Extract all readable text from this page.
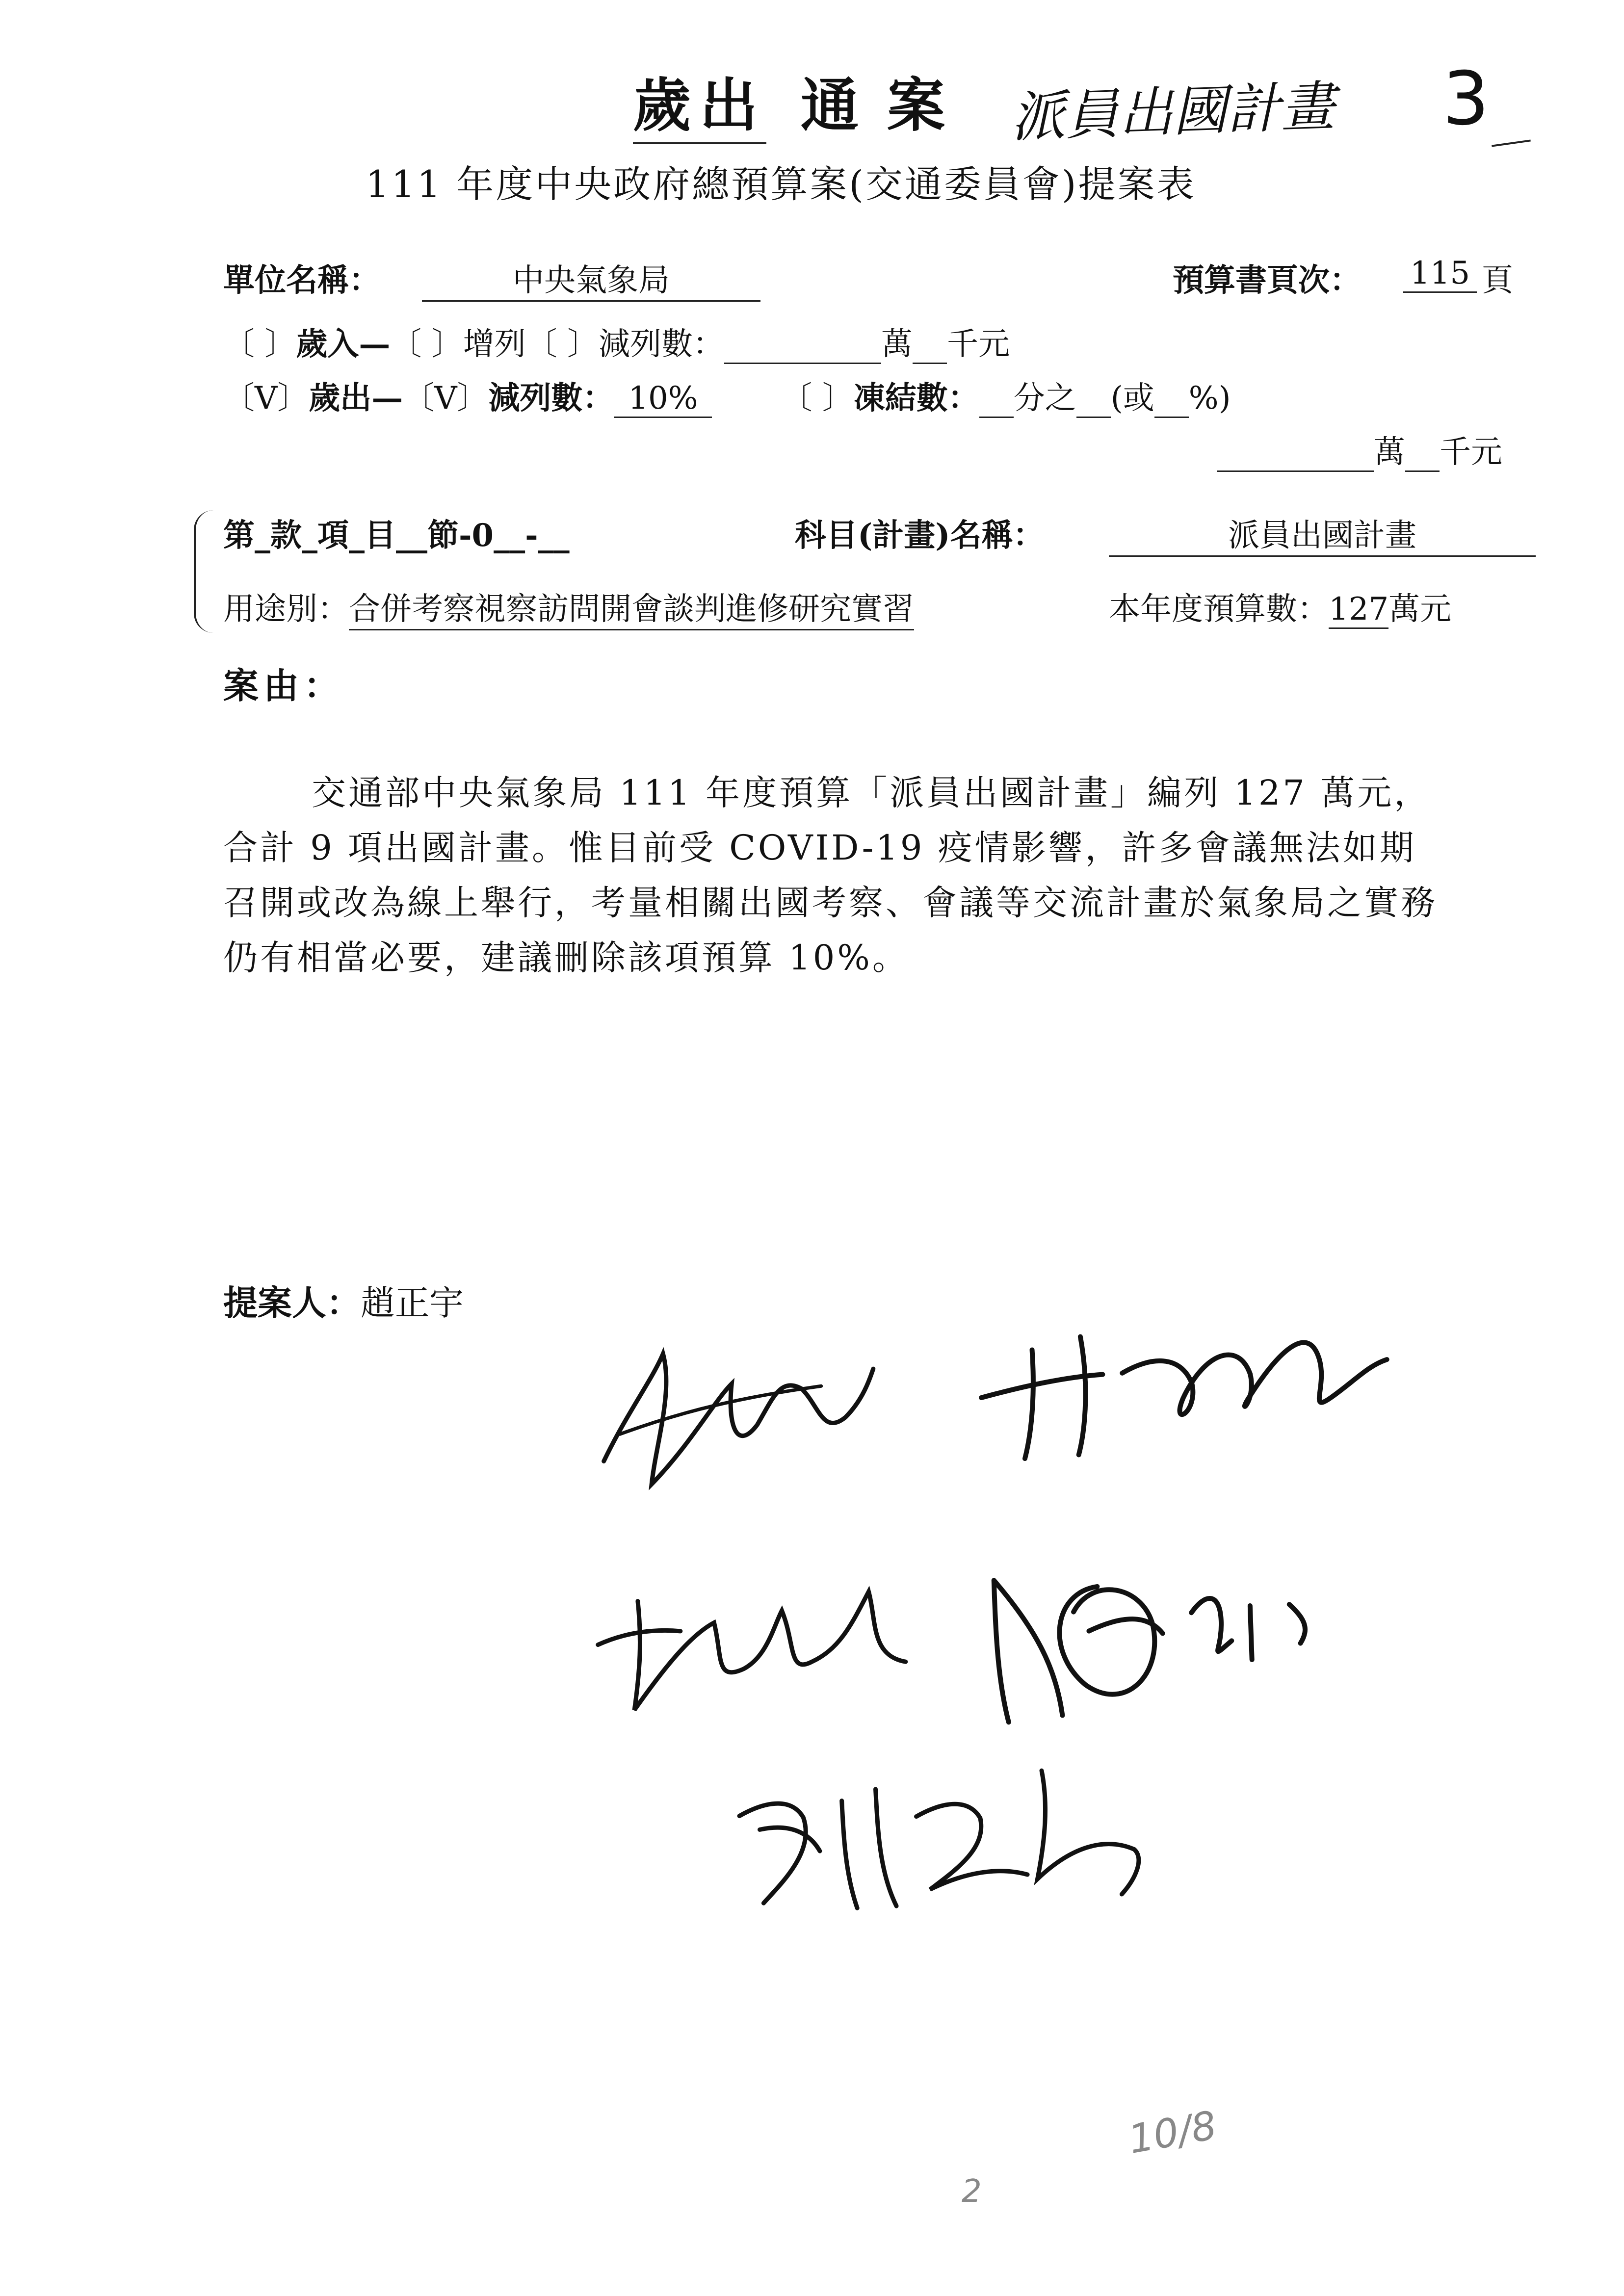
歲出 通 案 派員出國計畫 3
111 年度中央政府總預算案(交通委員會)提案表
單位名稱：	中央氣象局	預算書頁次： 115 頁
〔 〕歲入—〔 〕增列〔 〕減列數：	萬 千元
〔V〕歲出—〔V〕減列數： 10%	〔 〕凍結數： 分之 (或 %)
萬 千元
第_款_項_目__節-0__-__	科目(計畫)名稱：	派員出國計畫
用途別：合併考察視察訪問開會談判進修研究實習	本年度預算數：127萬元
案由：
交通部中央氣象局 111 年度預算「派員出國計畫」編列 127 萬元，合計 9 項出國計畫。惟目前受 COVID-19 疫情影響，許多會議無法如期召開或改為線上舉行，考量相關出國考察、會議等交流計畫於氣象局之實務仍有相當必要，建議刪除該項預算 10%。
提案人：趙正宇
2
10/8
